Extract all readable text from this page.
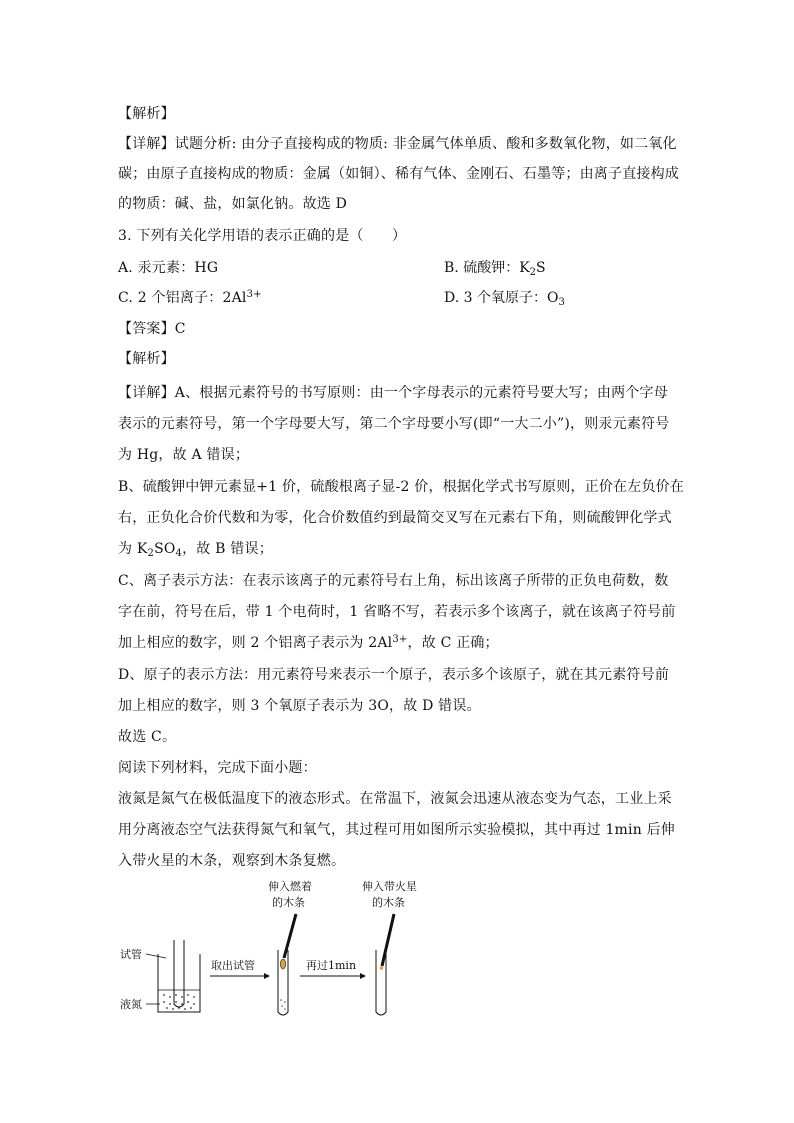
【解析】
【详解】试题分析: 由分子直接构成的物质: 非金属气体单质、酸和多数氧化物，如二氧化
碳；由原子直接构成的物质：金属（如铜）、稀有气体、金刚石、石墨等；由离子直接构成
的物质：碱、盐，如氯化钠。故选 D
3. 下列有关化学用语的表示正确的是（　　）
A. 汞元素：HG	B. 硫酸钾：$K_2S$
C. 2 个铝离子：$2Al^{3+}$	D. 3 个氧原子：$O_3$
【答案】C
【解析】
【详解】A、根据元素符号的书写原则：由一个字母表示的元素符号要大写；由两个字母
表示的元素符号，第一个字母要大写，第二个字母要小写(即“一大二小”)，则汞元素符号
为 Hg，故 A 错误；
B、硫酸钾中钾元素显+1 价，硫酸根离子显-2 价，根据化学式书写原则，正价在左负价在
右，正负化合价代数和为零，化合价数值约到最简交叉写在元素右下角，则硫酸钾化学式
为 $K_2SO_4$，故 B 错误；
C、离子表示方法：在表示该离子的元素符号右上角，标出该离子所带的正负电荷数，数
字在前，符号在后，带 1 个电荷时，1 省略不写，若表示多个该离子，就在该离子符号前
加上相应的数字，则 2 个铝离子表示为 $2Al^{3+}$，故 C 正确；
D、原子的表示方法：用元素符号来表示一个原子，表示多个该原子，就在其元素符号前
加上相应的数字，则 3 个氧原子表示为 3O，故 D 错误。
故选 C。
阅读下列材料，完成下面小题：
液氮是氮气在极低温度下的液态形式。在常温下，液氮会迅速从液态变为气态，工业上采
用分离液态空气法获得氮气和氧气，其过程可用如图所示实验模拟，其中再过 1min 后伸
入带火星的木条，观察到木条复燃。
试管
液氮
取出试管
伸入燃着
的木条
再过1min
伸入带火星
的木条
